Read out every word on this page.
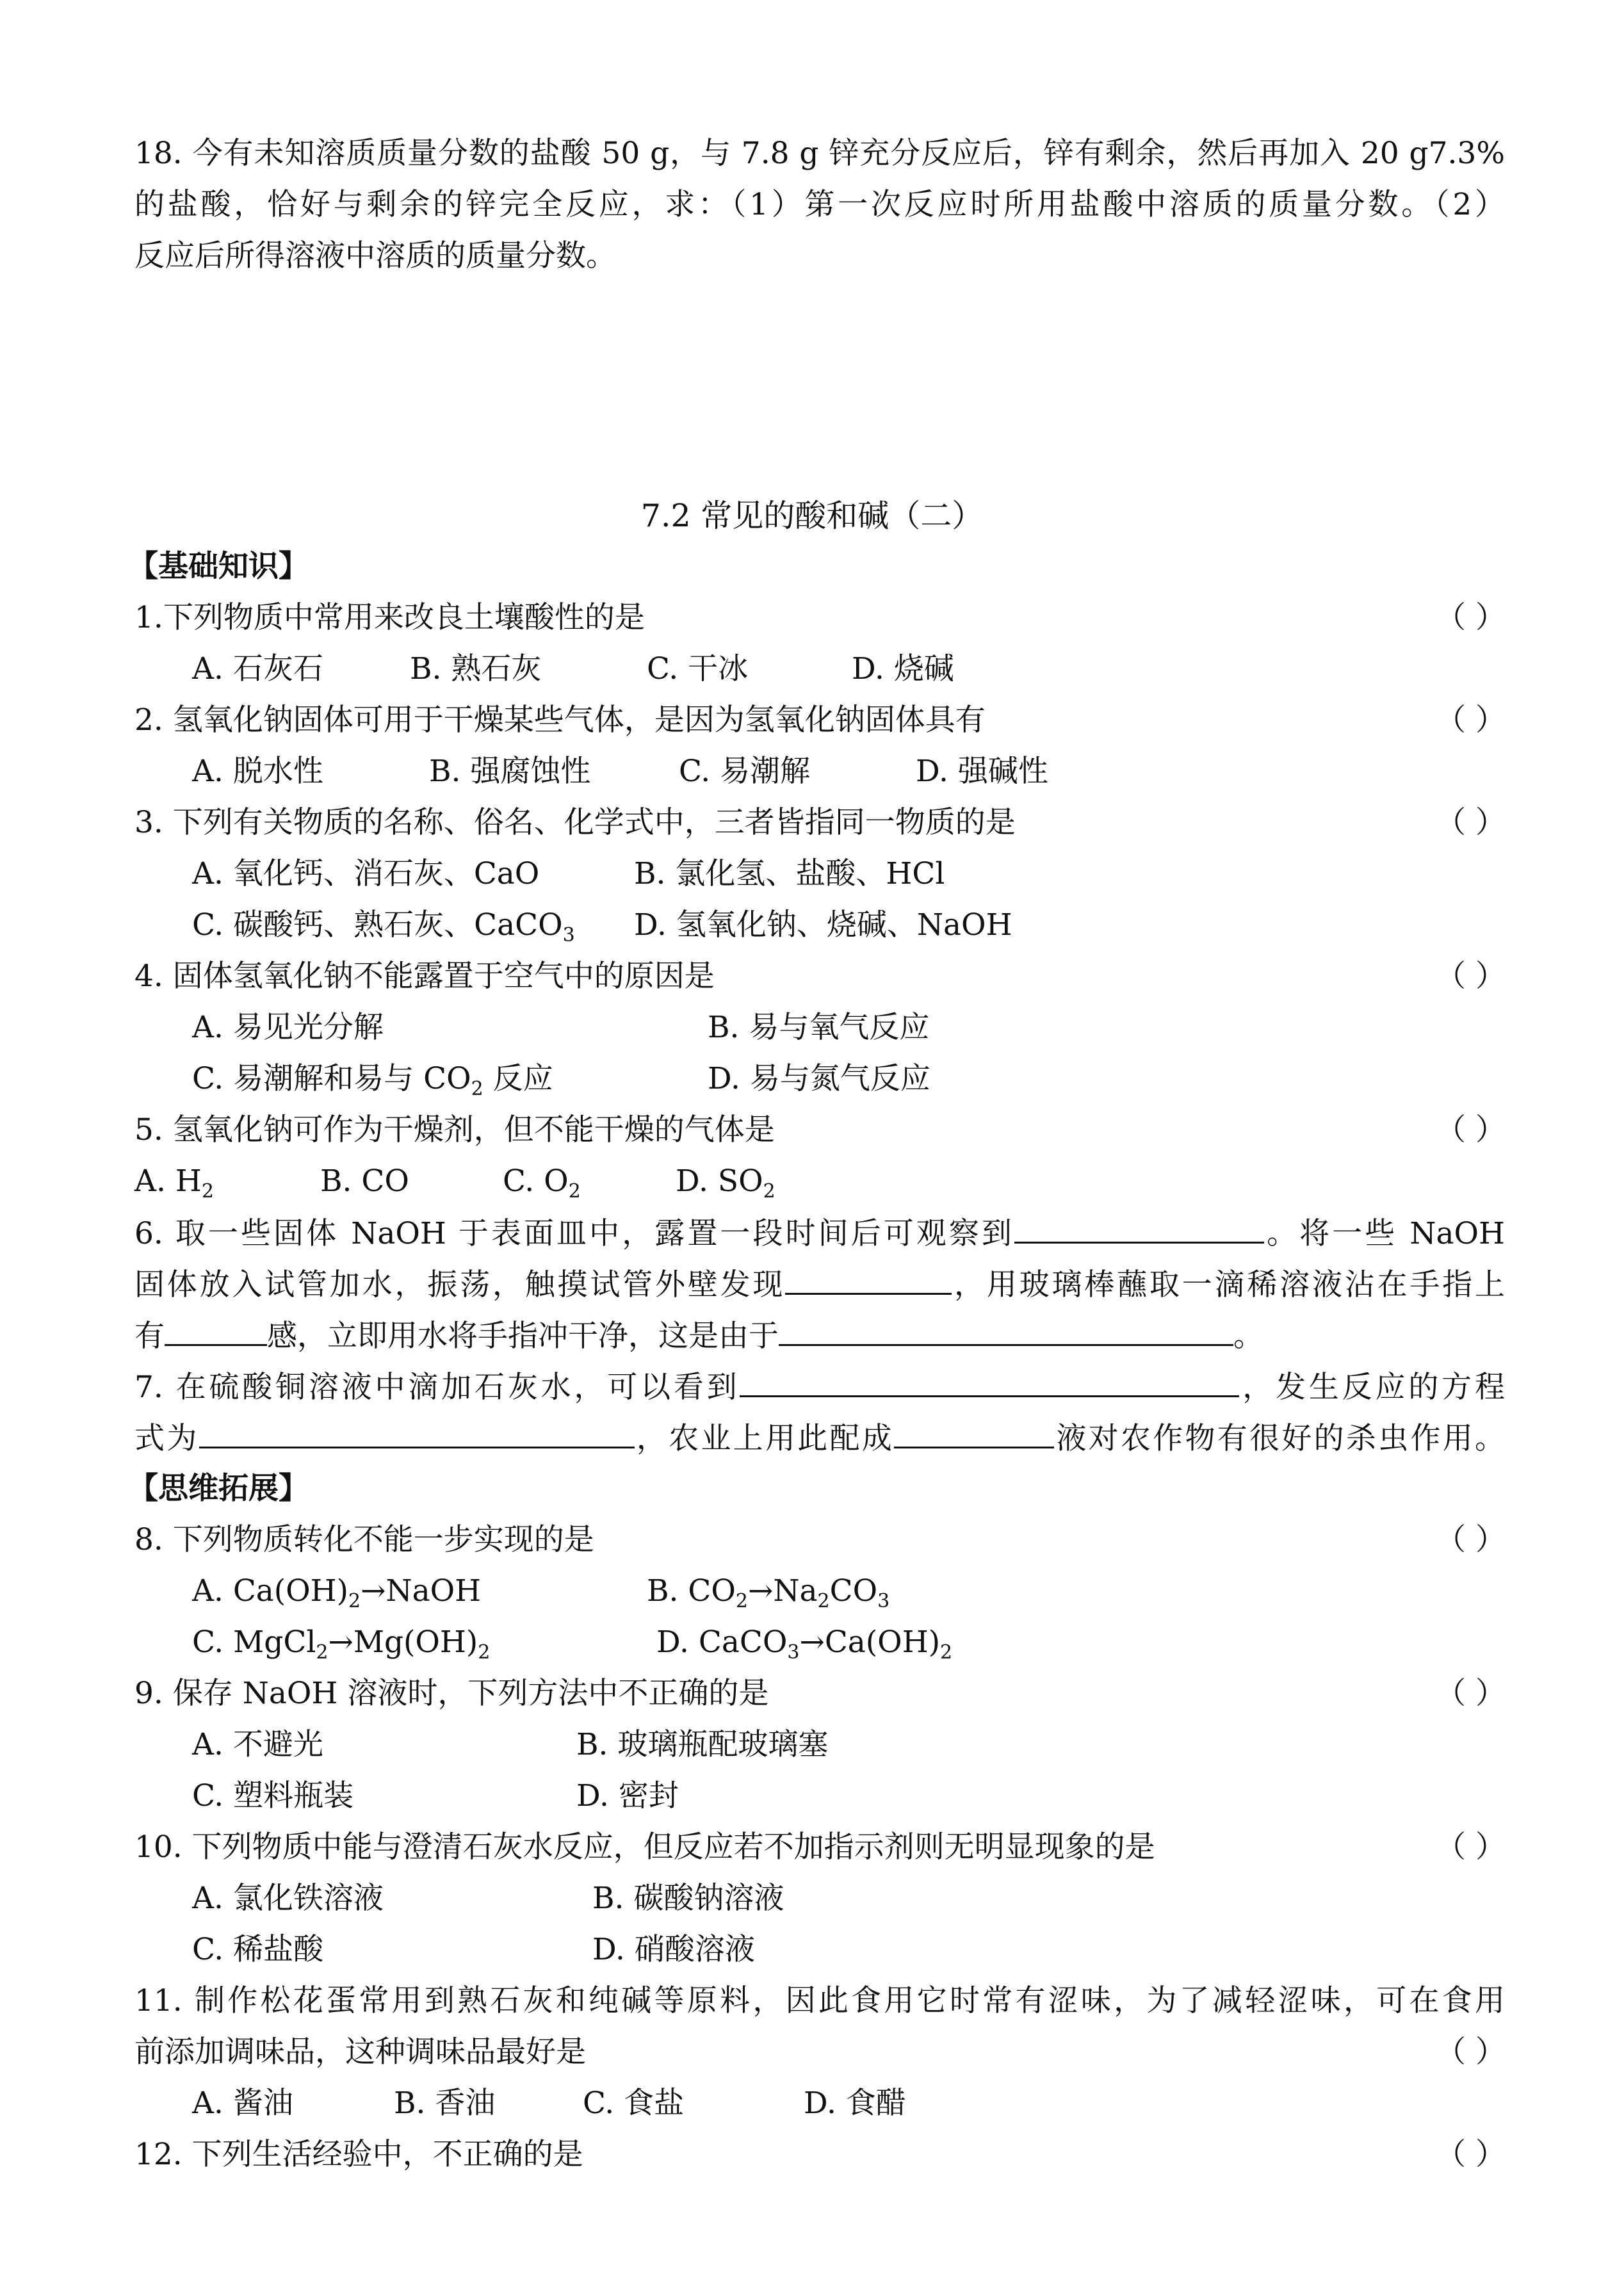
18. 今有未知溶质质量分数的盐酸 50 g，与 7.8 g 锌充分反应后，锌有剩余，然后再加入 20 g7.3%
的盐酸，恰好与剩余的锌完全反应，求：（1）第一次反应时所用盐酸中溶质的质量分数。（2）
反应后所得溶液中溶质的质量分数。
7.2 常见的酸和碱（二）
【基础知识】
1.下列物质中常用来改良土壤酸性的是	（ ）
A. 石灰石	B. 熟石灰	C. 干冰	D. 烧碱
2. 氢氧化钠固体可用于干燥某些气体，是因为氢氧化钠固体具有	（ ）
A. 脱水性	B. 强腐蚀性	C. 易潮解	D. 强碱性
3. 下列有关物质的名称、俗名、化学式中，三者皆指同一物质的是	（ ）
A. 氧化钙、消石灰、CaO	B. 氯化氢、盐酸、HCl
C. 碳酸钙、熟石灰、CaCO$_3$ D. 氢氧化钠、烧碱、NaOH
4. 固体氢氧化钠不能露置于空气中的原因是	（ ）
A. 易见光分解	B. 易与氧气反应
C. 易潮解和易与 $CO_2$ 反应	D. 易与氮气反应
5. 氢氧化钠可作为干燥剂，但不能干燥的气体是	（ ）
A. $H_2$	B. CO	C. $O_2$	D. $SO_2$
6. 取一些固体 NaOH 于表面皿中，露置一段时间后可观察到	。将一些 NaOH
固体放入试管加水，振荡，触摸试管外壁发现	，用玻璃棒蘸取一滴稀溶液沾在手指上
有	感，立即用水将手指冲干净，这是由于	。
7. 在硫酸铜溶液中滴加石灰水，可以看到	，发生反应的方程
式为	，农业上用此配成	液对农作物有很好的杀虫作用。
【思维拓展】
8. 下列物质转化不能一步实现的是	（ ）
A. $Ca(OH)_2\to NaOH$	B. $CO_2\to Na_2CO_3$
C. $MgCl_2\to Mg(OH)_2$	D. $CaCO_3\to Ca(OH)_2$
9. 保存 NaOH 溶液时，下列方法中不正确的是	（ ）
A. 不避光	B. 玻璃瓶配玻璃塞
C. 塑料瓶装	D. 密封
10. 下列物质中能与澄清石灰水反应，但反应若不加指示剂则无明显现象的是	（ ）
A. 氯化铁溶液	B. 碳酸钠溶液
C. 稀盐酸	D. 硝酸溶液
11. 制作松花蛋常用到熟石灰和纯碱等原料，因此食用它时常有涩味，为了减轻涩味，可在食用
前添加调味品，这种调味品最好是	（ ）
A. 酱油	B. 香油	C. 食盐	D. 食醋
12. 下列生活经验中，不正确的是	（ ）
